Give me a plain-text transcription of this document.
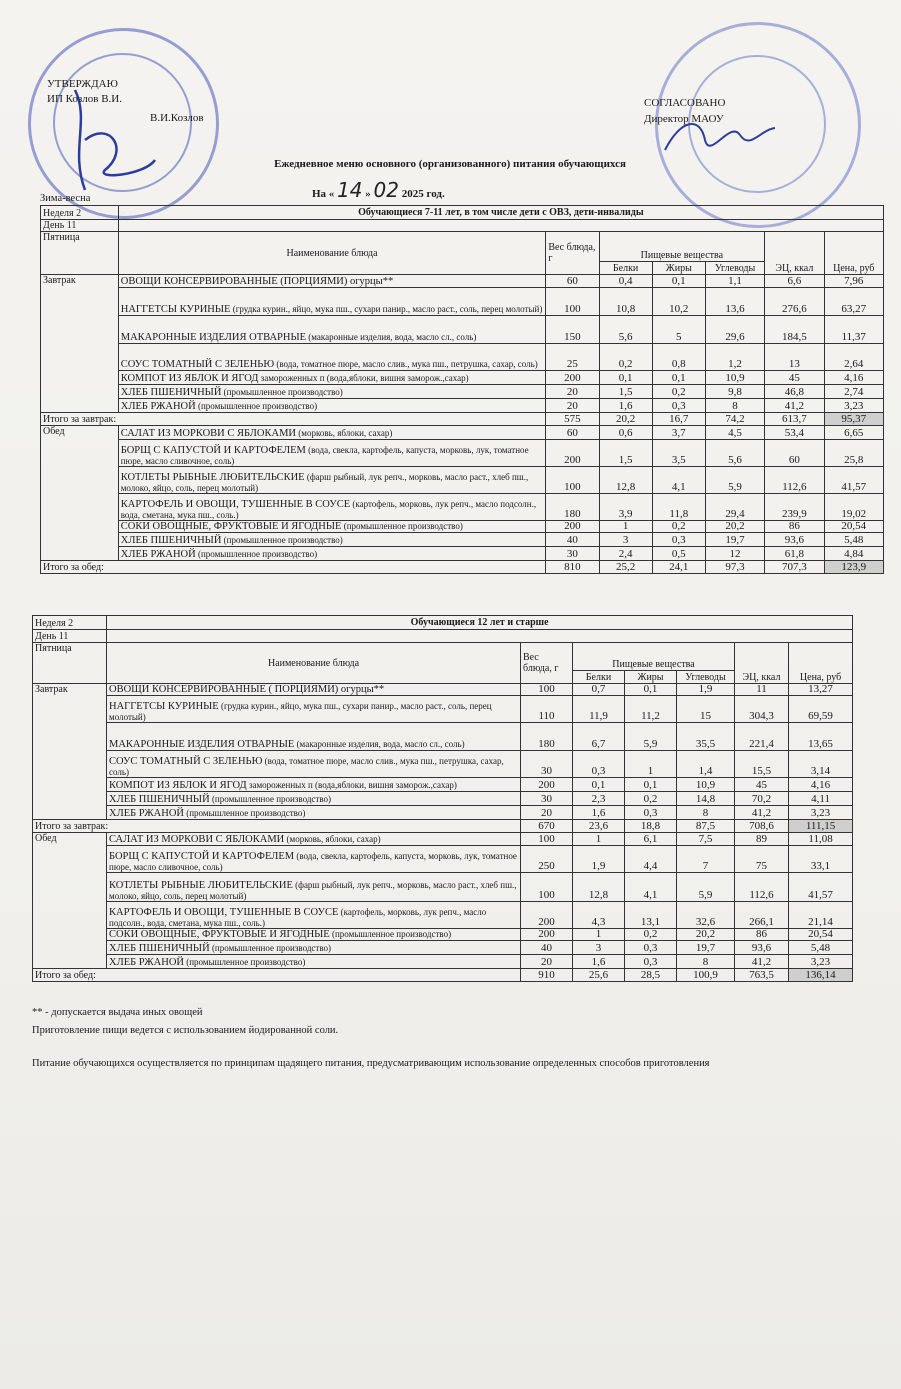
УТВЕРЖДАЮ
ИП Козлов В.И.
В.И.Козлов
СОГЛАСОВАНО
Директор МАОУ
Ежедневное меню основного (организованного) питания обучающихся
На « 14 » 02 2025 год.
Зима-весна
Неделя 2	Обучающиеся 7-11 лет, в том числе дети с ОВЗ, дети-инвалиды						
День 11							
Пятница	Наименование блюда	Вес блюда, г	Пищевые вещества			ЭЦ, ккал	Цена, руб
			Белки	Жиры	Углеводы		
Завтрак	ОВОЩИ КОНСЕРВИРОВАННЫЕ (ПОРЦИЯМИ) огурцы**	60	0,4	0,1	1,1	6,6	7,96
	НАГГЕТСЫ КУРИНЫЕ (грудка курин., яйцо, мука пш., сухари панир., масло раст., соль, перец молотый)	100	10,8	10,2	13,6	276,6	63,27
	МАКАРОННЫЕ ИЗДЕЛИЯ ОТВАРНЫЕ (макаронные изделия, вода, масло сл., соль)	150	5,6	5	29,6	184,5	11,37
	СОУС ТОМАТНЫЙ С ЗЕЛЕНЬЮ (вода, томатное пюре, масло слив., мука пш., петрушка, сахар, соль)	25	0,2	0,8	1,2	13	2,64
	КОМПОТ ИЗ ЯБЛОК И ЯГОД замороженных п (вода,яблоки, вишня заморож.,сахар)	200	0,1	0,1	10,9	45	4,16
	ХЛЕБ ПШЕНИЧНЫЙ (промышленное производство)	20	1,5	0,2	9,8	46,8	2,74
	ХЛЕБ РЖАНОЙ (промышленное производство)	20	1,6	0,3	8	41,2	3,23
Итого за завтрак:		575	20,2	16,7	74,2	613,7	95,37
Обед	САЛАТ ИЗ МОРКОВИ С ЯБЛОКАМИ (морковь, яблоки, сахар)	60	0,6	3,7	4,5	53,4	6,65
	БОРЩ С КАПУСТОЙ И КАРТОФЕЛЕМ (вода, свекла, картофель, капуста, морковь, лук, томатное пюре, масло сливочное, соль)	200	1,5	3,5	5,6	60	25,8
	КОТЛЕТЫ РЫБНЫЕ ЛЮБИТЕЛЬСКИЕ (фарш рыбный, лук репч., морковь, масло раст., хлеб пш., молоко, яйцо, соль, перец молотый)	100	12,8	4,1	5,9	112,6	41,57
	КАРТОФЕЛЬ И ОВОЩИ, ТУШЕННЫЕ В СОУСЕ (картофель, морковь, лук репч., масло подсолн., вода, сметана, мука пш., соль.)	180	3,9	11,8	29,4	239,9	19,02
	СОКИ ОВОЩНЫЕ, ФРУКТОВЫЕ И ЯГОДНЫЕ (промышленное производство)	200	1	0,2	20,2	86	20,54
	ХЛЕБ ПШЕНИЧНЫЙ (промышленное производство)	40	3	0,3	19,7	93,6	5,48
	ХЛЕБ РЖАНОЙ (промышленное производство)	30	2,4	0,5	12	61,8	4,84
Итого за обед:		810	25,2	24,1	97,3	707,3	123,9
Неделя 2	Обучающиеся 12 лет и старше						
День 11							
Пятница	Наименование блюда	Вес блюда, г	Пищевые вещества			ЭЦ, ккал	Цена, руб
			Белки	Жиры	Углеводы		
Завтрак	ОВОЩИ КОНСЕРВИРОВАННЫЕ ( ПОРЦИЯМИ) огурцы**	100	0,7	0,1	1,9	11	13,27
	НАГГЕТСЫ КУРИНЫЕ (грудка курин., яйцо, мука пш., сухари панир., масло раст., соль, перец молотый)	110	11,9	11,2	15	304,3	69,59
	МАКАРОННЫЕ ИЗДЕЛИЯ ОТВАРНЫЕ (макаронные изделия, вода, масло сл., соль)	180	6,7	5,9	35,5	221,4	13,65
	СОУС ТОМАТНЫЙ С ЗЕЛЕНЬЮ (вода, томатное пюре, масло слив., мука пш., петрушка, сахар, соль)	30	0,3	1	1,4	15,5	3,14
	КОМПОТ ИЗ ЯБЛОК И ЯГОД замороженных п (вода,яблоки, вишня заморож.,сахар)	200	0,1	0,1	10,9	45	4,16
	ХЛЕБ ПШЕНИЧНЫЙ (промышленное производство)	30	2,3	0,2	14,8	70,2	4,11
	ХЛЕБ РЖАНОЙ (промышленное производство)	20	1,6	0,3	8	41,2	3,23
Итого за завтрак:		670	23,6	18,8	87,5	708,6	111,15
Обед	САЛАТ ИЗ МОРКОВИ С ЯБЛОКАМИ (морковь, яблоки, сахар)	100	1	6,1	7,5	89	11,08
	БОРЩ С КАПУСТОЙ И КАРТОФЕЛЕМ (вода, свекла, картофель, капуста, морковь, лук, томатное пюре, масло сливочное, соль)	250	1,9	4,4	7	75	33,1
	КОТЛЕТЫ РЫБНЫЕ ЛЮБИТЕЛЬСКИЕ (фарш рыбный, лук репч., морковь, масло раст., хлеб пш., молоко, яйцо, соль, перец молотый)	100	12,8	4,1	5,9	112,6	41,57
	КАРТОФЕЛЬ И ОВОЩИ, ТУШЕННЫЕ В СОУСЕ (картофель, морковь, лук репч., масло подсолн., вода, сметана, мука пш., соль.)	200	4,3	13,1	32,6	266,1	21,14
	СОКИ ОВОЩНЫЕ, ФРУКТОВЫЕ И ЯГОДНЫЕ (промышленное производство)	200	1	0,2	20,2	86	20,54
	ХЛЕБ ПШЕНИЧНЫЙ (промышленное производство)	40	3	0,3	19,7	93,6	5,48
	ХЛЕБ РЖАНОЙ (промышленное производство)	20	1,6	0,3	8	41,2	3,23
Итого за обед:		910	25,6	28,5	100,9	763,5	136,14
** - допускается выдача иных овощей
Приготовление пищи ведется с использованием йодированной соли.
Питание обучающихся осуществляется по принципам щадящего питания, предусматривающим использование определенных способов приготовления
